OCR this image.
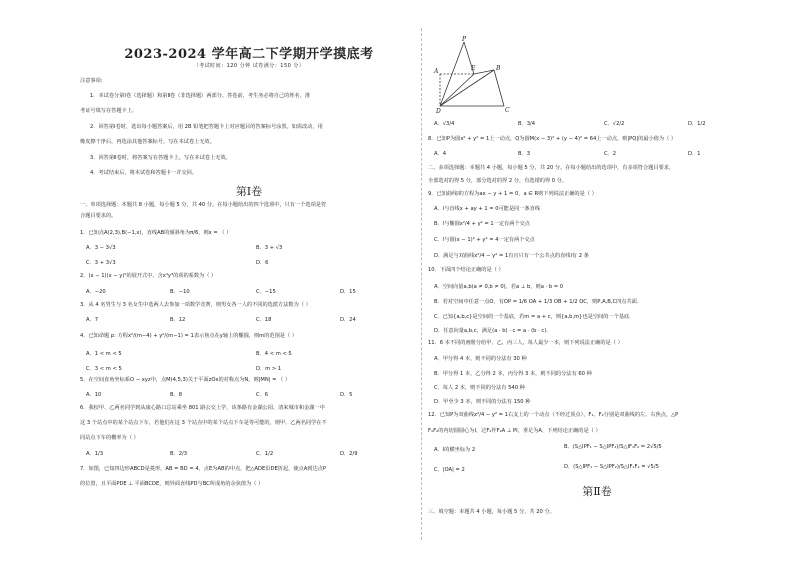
2023-2024 学年高二下学期开学摸底考
（考试时间：120 分钟 试卷满分：150 分）
注意事项:
1．本试卷分第Ⅰ卷（选择题）和第Ⅱ卷（非选择题）两部分。答卷前，考生务必将自己的姓名、准
考证号填写在答题卡上。
2．回答第Ⅰ卷时，选出每小题答案后，用 2B 铅笔把答题卡上对应题目的答案标号涂黑。如需改动，用
橡皮擦干净后，再选涂其他答案标号。写在本试卷上无效。
3．回答第Ⅱ卷时，将答案写在答题卡上。写在本试卷上无效。
4．考试结束后，将本试卷和答题卡一并交回。
第Ⅰ卷
一、单项选择题：本题共 8 小题，每小题 5 分，共 40 分。在每小题给出的四个选项中，只有一个选项是符
合题目要求的。
1．已知点A(2,3),B(−1,x)，直线AB的倾斜角为π/6，则x = （ ）
A．3 − 3√3	B．3 + √3
C．3 + 3√3	D．6
2．(x − 1)(x − y)⁵的展开式中，含x⁴y³的项的系数为（ ）
A．−20	B．−10	C．−15	D．15
3．从 4 名男生与 3 名女生中选两人去参加一项数学竞赛，则男女各一人的不同的选派方法数为（ ）
A．7	B．12	C．18	D．24
4．已知命题 p: 方程x²/(m−4) + y²/(m−1) = 1表示焦点在y轴上的椭圆，则m的范围是（ ）
A．1 < m < 5	B．4 < m < 5
C．3 < m < 5	D．m > 1
5．在空间直角坐标系O − xyz中，点M(4,5,3)关于平面zOx的对称点为N，则|MN| = （ ）
A．10	B．8	C．6	D．5
6．我校甲、乙两名同学到从康心路口总站乘坐 801 路公交上学，该条路有金湖公园、清来城市和金湖一中
这 3 个站点中的某个站点下车，若他们在这 3 个站点中的某个站点下车是等可能的，则甲、乙两名同学在不
同站点下车的概率为（ ）
A．1/3	B．2/3	C．1/2	D．2/9
7．如图，已知四边形ABCD是菱形，AB = BD = 4，点E为AB的中点，把△ADE沿DE折起，使点A到达点P
的位置，且平面PDE ⊥ 平面BCDE，则异面直线PD与BC所成角的余弦值为（ ）
P
E
A	B
D	C
A．√3/4	B．3/4	C．√2/2	D．1/2
8．已知P为圆x² + y² = 1上一动点，Q为圆M(x − 3)² + (y − 4)² = 64上一动点，则|PQ|的最小值为（ ）
A．4	B．3	C．2	D．1
二、多项选择题：本题共 4 小题，每小题 5 分，共 20 分。在每小题给出的选项中，有多项符合题目要求，
全部选对的得 5 分，部分选对的得 2 分，有选错的得 0 分。
9．已知曲线l的方程为ax − y + 1 = 0，a ∈ R则下列说法正确的是（ ）
A．l与直线x + ay + 1 = 0可能是同一条直线
B．l与椭圆x²/4 + y² = 1一定有两个交点
C．l与圆(x − 1)² + y² = 4一定有两个交点
D．满足与双曲线x²/4 − y² = 1有且只有一个公共点的直线l有 2 条
10．下面四个结论正确的是（ ）
A．空间向量a,b(a ≠ 0,b ≠ 0)，若a ⊥ b，则a · b = 0
B．若对空间中任意一点O，有OP = 1/6 OA + 1/3 OB + 1/2 OC，则P,A,B,C四点共面.
C．已知{a,b,c}是空间的一个基底，若m = a + c，则{a,b,m}也是空间的一个基底.
D．任意向量a,b,c，满足(a · b) · c = a · (b · c).
11．6 本不同的画册分给甲、乙、丙三人，每人最少一本，则下列说法正确的是（ ）
A．甲分得 4 本，则不同的分法有 30 种
B．甲分得 1 本，乙分得 2 本，丙分得 3 本，则不同的分法有 60 种
C．每人 2 本，则不同的分法有 540 种
D．甲至少 3 本，则不同的分法有 150 种
12．已知P为双曲线x²/4 − y² = 1右支上的一个动点（不经过顶点），F₁、F₂分别是双曲线的左、右焦点，△P
F₁F₂的内切圆圆心为I，过F₂作F₂A ⊥ PI，垂足为A，下列结论正确的是（ ）
A．I的横坐标为 2	B．(S△IPF₁ − S△IPF₂)/S△IF₁F₂ = 2√5/5
C．|OA| = 2	D．(S△IPF₁ − S△IPF₂)/S△IF₁F₂ = √5/5
第Ⅱ卷
三、填空题：本题共 4 小题，每小题 5 分，共 20 分。
